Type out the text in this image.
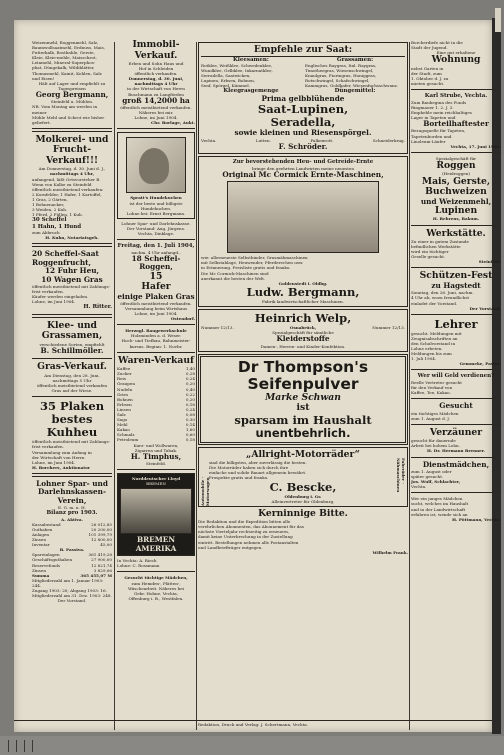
Weizenmehl, Roggenmehl, Salz,
Baumwollsaatmehl, Erdnuss, Mais,
Futterkalk, Rostbahle, Gerste,
Kleie, Kleie-mehle, Maisschrot,
Leinmehl, Mineral-Superphos-
phat, Düngekalk, Wildiblätter,
Thomasmehl, Kainit, Kohlen, Salz
und Eisen!
Hält auf Lager und empfiehlt zu
Tagespreisen
Georg Bergmann,
Steinfeld u. Mühlen.
NB. Vom Montag am werden in meiner
Mühle Mehl und Schrot wie bisher geliefert.
Molkerei- und Frucht-Verkauf!!!
Am Donnerstag, d. 30. Juni d. J.,
nachmittags 4 Uhr,
anfangend, läßt Ortsvorsteher B.
Wenn von Kalbe zu Steinfeld
öffentlich meistbietend verkaufen:
2 Kornfelder, 1 Hafer, 1 Kartoffel,
1 Gras, 2 Gärten,
1 Bohnenacker,
3 Weiden, 2 Kuh.
1 Pferd, 2 Füllen, 1 Kuh.
30 Scheffel
1 Hahn, 1 Hund
zum Abbruch
H. Kuhn, Notariatsgeh.
20 Scheffel-Saat Roggenfrucht,
12 Fuhr Heu,
10 Wagen Gras
öffentlich meistbietend mit Zahlungs-
frist verkaufen.
Käufer werden eingeladen.
Lohne, im Juni 1904.
H. Ritter.
Klee- und Grassamen,
verschiedene Sorten, empfiehlt
B. Schillmöller.
Gras-Verkauf.
Am Dienstag, den 28. Juni,
nachmittags 5 Uhr
öffentlich meistbietend verkaufen
Gras auf der Wiese.
35 Plaken bestes Kuhheu
öffentlich meistbietend mit Zahlungs-
frist verkaufen.
Versammlung zum Anfang in
der Wirtschaft von Herrn
Lohne, im Juni 1904.
H. Borchers, Auktionator
Lohner Spar- und Darlehnskassen-Verein,
E. G. m. u. H.
Bilanz pro 1903.
A. Aktiva.
Kassabestand	26 012,85
Guthaben	20 200,00
Anlagen	101 399,79
Zinsen	12 800,00
Inventar	45,00
B. Passiva.
Spareinlagen	361 419,28
Geschäftsguthaben	27 900,00
Reservefonds	12 821,74
Zinsen	3 829,06
Summa	365 455,07 M
Mitgliederzahl am 1. Januar 1903: 244.
Zugang 1903: 20; Abgang 1903: 16.
Mitgliederzahl am 31. Dez. 1903: 248.
Der Vorstand.
Immobil-Verkauf.
Erben und Sohn Haus und
Hof in Schleiden
öffentlich verkaufen.
Donnerstag, d. 30. Juni,
nachmittags 4 Uhr
in der Wirtschaft von Herrn
Buschmann zu Langförden
groß 14,2000 ha
öffentlich meistbietend verkaufen.
Näheres bei mir.
Lohne, im Juni 1904.
Chr. Borlage, Aukt.
Spratt's Hundekuchen
ist der beste und billigste
Hundekuchen.
Lohne bei: Ernst Bergmann.
Lohner Spar- und Darlehnskasse.
Der Vorstand: Aug. Jürgens.
Vechta, Dinklage.
Freitag, den 1. Juli 1904,
nachm. 4 Uhr anfangd.,
18 Scheffel-Roggen,
15
Hafer
einige Plaken Gras
öffentlich meistbietend verkaufen.
Versammlung beim Wirtshaus
Lohne, im Juni 1904.
Ostendorf.
Herzogl. Baugewerkschule
Holzminden a. d. Weser.
Hoch- und Tiefbau, Bahnmeister-
kursus. Beginn: 1. Novbr.
Waren-Verkauf
Kaffee	1,40
Zucker	0,28
Reis	0,24
Graupen	0,20
Nudeln	0,40
Gries	0,22
Bohnen	0,20
Erbsen	0,16
Linsen	0,24
Salz	0,08
Sago	0,30
Mehl	0,14
Kakao	1,60
Schmalz	0,60
Petroleum	0,18
Kurz- und Wollwaren,
Zigarren und Tabak.
H. Timphus,
Steinfeld.
Norddeutscher Lloyd
BREMEN
BREMEN
AMERIKA
In Vechta: A. Riech
Lohne: C. Rossmann
Gesucht tüchtige Mädchen,
zum Hemden-, Plätten-,
Wäschearbeit. Näheres bei
Gebr. Hohne, Vechta,
Offenburg i. B., Westfalen.
Empfehle zur Saat:
Kleesamen:
Rotklee, Weißklee, Schwedenklee,
Wundklee, Gelbklee, Inkarnatklee,
Serradella, Saatwicken,
Lupinen, Erbsen, Bohnen,
Senf, Spörgel, Kümmel.
Kleegrasgemenge
Grassamen:
Englisches Raygras, Ital. Raygras,
Timotheegras, Wiesenschwingel,
Knaulgras, Fioringras, Honiggras,
Rotschwingel, Schafschwingel,
Kammgras, Goldhafer, Wiesenfuchsschwanz.
Düngemittel:
Prima gelbblühende
Saat-Lupinen,
Seradella,
sowie kleinen und Riesenspörgel.
Vechta.	Lutten.	Falkenrott.	Schneiderkrug.
F. Schröder.
Zur bevorstehenden Heu- und Getreide-Ernte
bringe den geehrten Landwirten meine neuesten
Original Mc Cormick Ernte-Maschinen,
wie: allerneueste Selbstbinder, Grasmähmaschinen
mit Selbstablage, Heuwender, Pferderechen usw.
in Erinnerung. Preisliste gratis und franko.
Die Mc Cormick-Maschinen sind
anerkannt die besten der Welt.
Goldenstedt i. Oldbg.
Ludw. Bergmann,
Fabrik landwirtschaftlicher Maschinen.
Heinrich Welp,
Nummer 12/13.	Osnabrück,	Nummer 12/13.
Spezialgeschäft für sämtliche
Kleiderstoffe
Damen-, Herren- und Kinder-Konfektion.
Dr Thompson's
Seifenpulver
Marke Schwan
ist
sparsam im Haushalt
unentbehrlich.
Automobile · Motorwagen
Fahrräder · Nähmaschinen
„Allright-Motorräder“
sind die billigsten, aber zuverlässig die besten.
Die Motorräder haben sich durch ihre
einfache und solide Bauart allgemein bewährt.
Prospekte gratis und franko.
C. Bescke,
Oldenburg i. Gr.
Alleinvertreter für Oldenburg.
Kerninnige Bitte.
Die Redaktion und die Expedition bitten alle
verehrlichen Abonnenten, das Abonnement für das
nächste Vierteljahr rechtzeitig zu erneuern,
damit keine Unterbrechung in der Zustellung
eintritt. Bestellungen nehmen alle Postanstalten
und Landbriefträger entgegen.
Wilhelm Frank.
Borcherdiefe nicht in die
Stadt der Jugend.
Eine gut erhaltene
Wohnung
nebst Garten in
der Stadt, zum
1. Oktober d. J. zu
mieten gesucht.
Karl Strube, Vechta.
Zum Baubeginn des Fonds
Ringmauer 1. 2. J. 3.
Emphehle mein reichhaltiges
Lager in Tapeten und
Borteilhaftester
Bezugsquelle für Tapeten,
Tapetenborden und
Linoleum-Läufer
Vechta, 17. Juni 1904.
Spezialgeschäft für
Roggen
(Heidroggen)
Mais, Gerste,
Buchweizen
und Weizenmehl,
Lupinen
H. Behrens, Bakum.
Werkstätte.
Zu einer in gutem Zustande
befindlichen Werkstätte
wird ein tüchtiger
Geselle gesucht.
Steinfeld.
Schützen-Fest
zu Hagstedt
Sonntag, den 26. Juni, nachm.
4 Uhr ab, wozu freundlichst
einladet der Vorstand.
Der Vorstand.
Lehrer
gesucht. Meldungen mit
Zeugnisabschriften an
den Schulvorstand in
Lohne erbeten.
Meldungen bis zum
1. Juli 1904.
Gemmeke, Pastor.
Wer will Geld verdienen?
Reelle Vertreter gesucht
für den Verkauf von
Kaffee, Tee, Kakao.
Gesucht
ein tüchtiges Mädchen
zum 1. August d. J.
Verzäuner
gesucht für dauernde
Arbeit bei hohem Lohn.
H. Dr. Hermann Brenner.
Dienstmädchen,
zum 1. August oder
später gesucht.
Jos. Wulf, Schlachter,
Vechta.
Wer ein junges Mädchen
sucht, welches im Haushalt
und in der Landwirtschaft
erfahren ist, wende sich an
H. Pöttmann, Vechta.
Redaktion, Druck und Verlag: J. Schertmann, Vechta.
